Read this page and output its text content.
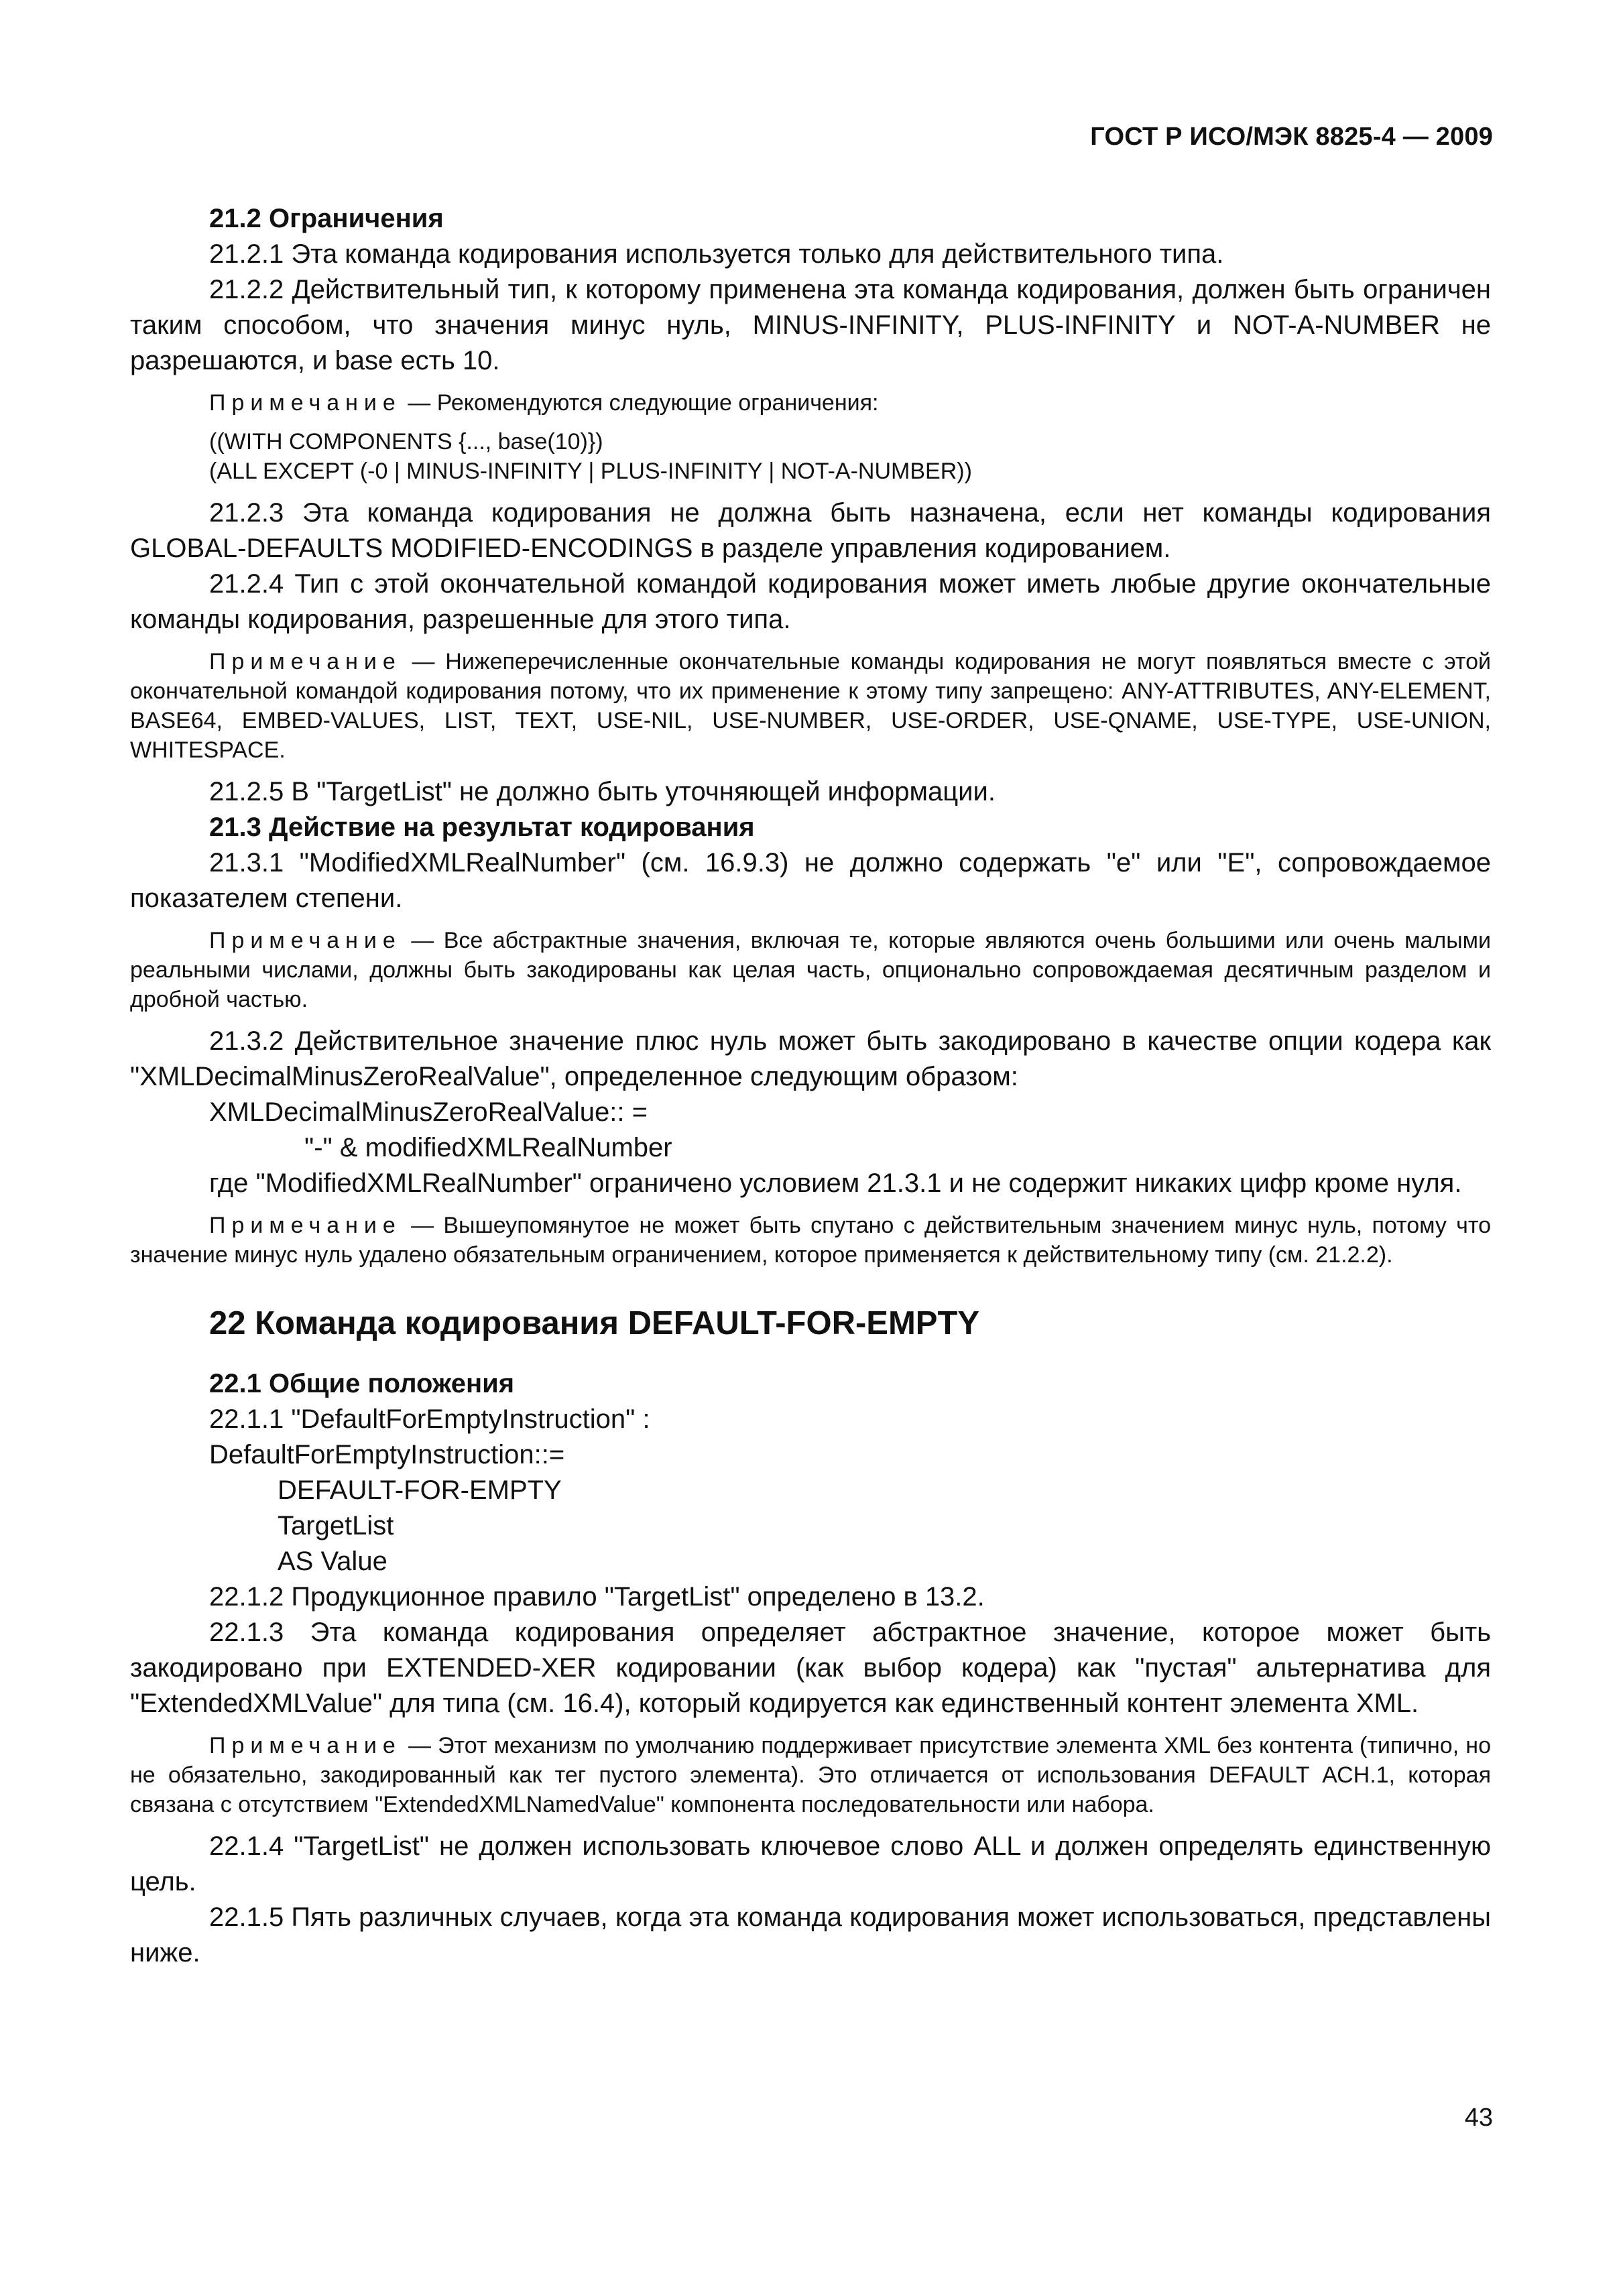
ГОСТ Р ИСО/МЭК 8825-4 — 2009

21.2 Ограничения

21.2.1 Эта команда кодирования используется только для действительного типа.

21.2.2 Действительный тип, к которому применена эта команда кодирования, должен быть ограничен таким способом, что значения минус нуль, MINUS-INFINITY, PLUS-INFINITY и NOT-A-NUMBER не разрешаются, и base есть 10.

Примечание — Рекомендуются следующие ограничения:

((WITH COMPONENTS {..., base(10)})

(ALL EXCEPT (-0 | MINUS-INFINITY | PLUS-INFINITY | NOT-A-NUMBER))

21.2.3 Эта команда кодирования не должна быть назначена, если нет команды кодирования GLOBAL-DEFAULTS MODIFIED-ENCODINGS в разделе управления кодированием.

21.2.4 Тип с этой окончательной командой кодирования может иметь любые другие окончательные команды кодирования, разрешенные для этого типа.

Примечание — Нижеперечисленные окончательные команды кодирования не могут появляться вместе с этой окончательной командой кодирования потому, что их применение к этому типу запрещено: ANY-ATTRIBUTES, ANY-ELEMENT, BASE64, EMBED-VALUES, LIST, TEXT, USE-NIL, USE-NUMBER, USE-ORDER, USE-QNAME, USE-TYPE, USE-UNION, WHITESPACE.

21.2.5 В "TargetList" не должно быть уточняющей информации.

21.3 Действие на результат кодирования

21.3.1 "ModifiedXMLRealNumber" (см. 16.9.3) не должно содержать "е" или "Е", сопровождаемое показателем степени.

Примечание — Все абстрактные значения, включая те, которые являются очень большими или очень малыми реальными числами, должны быть закодированы как целая часть, опционально сопровождаемая десятичным разделом и дробной частью.

21.3.2 Действительное значение плюс нуль может быть закодировано в качестве опции кодера как "XMLDecimalMinusZeroRealValue", определенное следующим образом:

XMLDecimalMinusZeroRealValue:: =

"-" & modifiedXMLRealNumber

где "ModifiedXMLRealNumber" ограничено условием 21.3.1 и не содержит никаких цифр кроме нуля.

Примечание — Вышеупомянутое не может быть спутано с действительным значением минус нуль, потому что значение минус нуль удалено обязательным ограничением, которое применяется к действительному типу (см. 21.2.2).

22 Команда кодирования DEFAULT-FOR-EMPTY

22.1 Общие положения

22.1.1 "DefaultForEmptyInstruction" :

DefaultForEmptyInstruction::=

DEFAULT-FOR-EMPTY

TargetList

AS Value

22.1.2 Продукционное правило "TargetList" определено в 13.2.

22.1.3 Эта команда кодирования определяет абстрактное значение, которое может быть закодировано при EXTENDED-XER кодировании (как выбор кодера) как "пустая" альтернатива для "ExtendedXMLValue" для типа (см. 16.4), который кодируется как единственный контент элемента XML.

Примечание — Этот механизм по умолчанию поддерживает присутствие элемента XML без контента (типично, но не обязательно, закодированный как тег пустого элемента). Это отличается от использования DEFAULT АСН.1, которая связана с отсутствием "ExtendedXMLNamedValue" компонента последовательности или набора.

22.1.4 "TargetList" не должен использовать ключевое слово ALL и должен определять единственную цель.

22.1.5 Пять различных случаев, когда эта команда кодирования может использоваться, представлены ниже.

43
